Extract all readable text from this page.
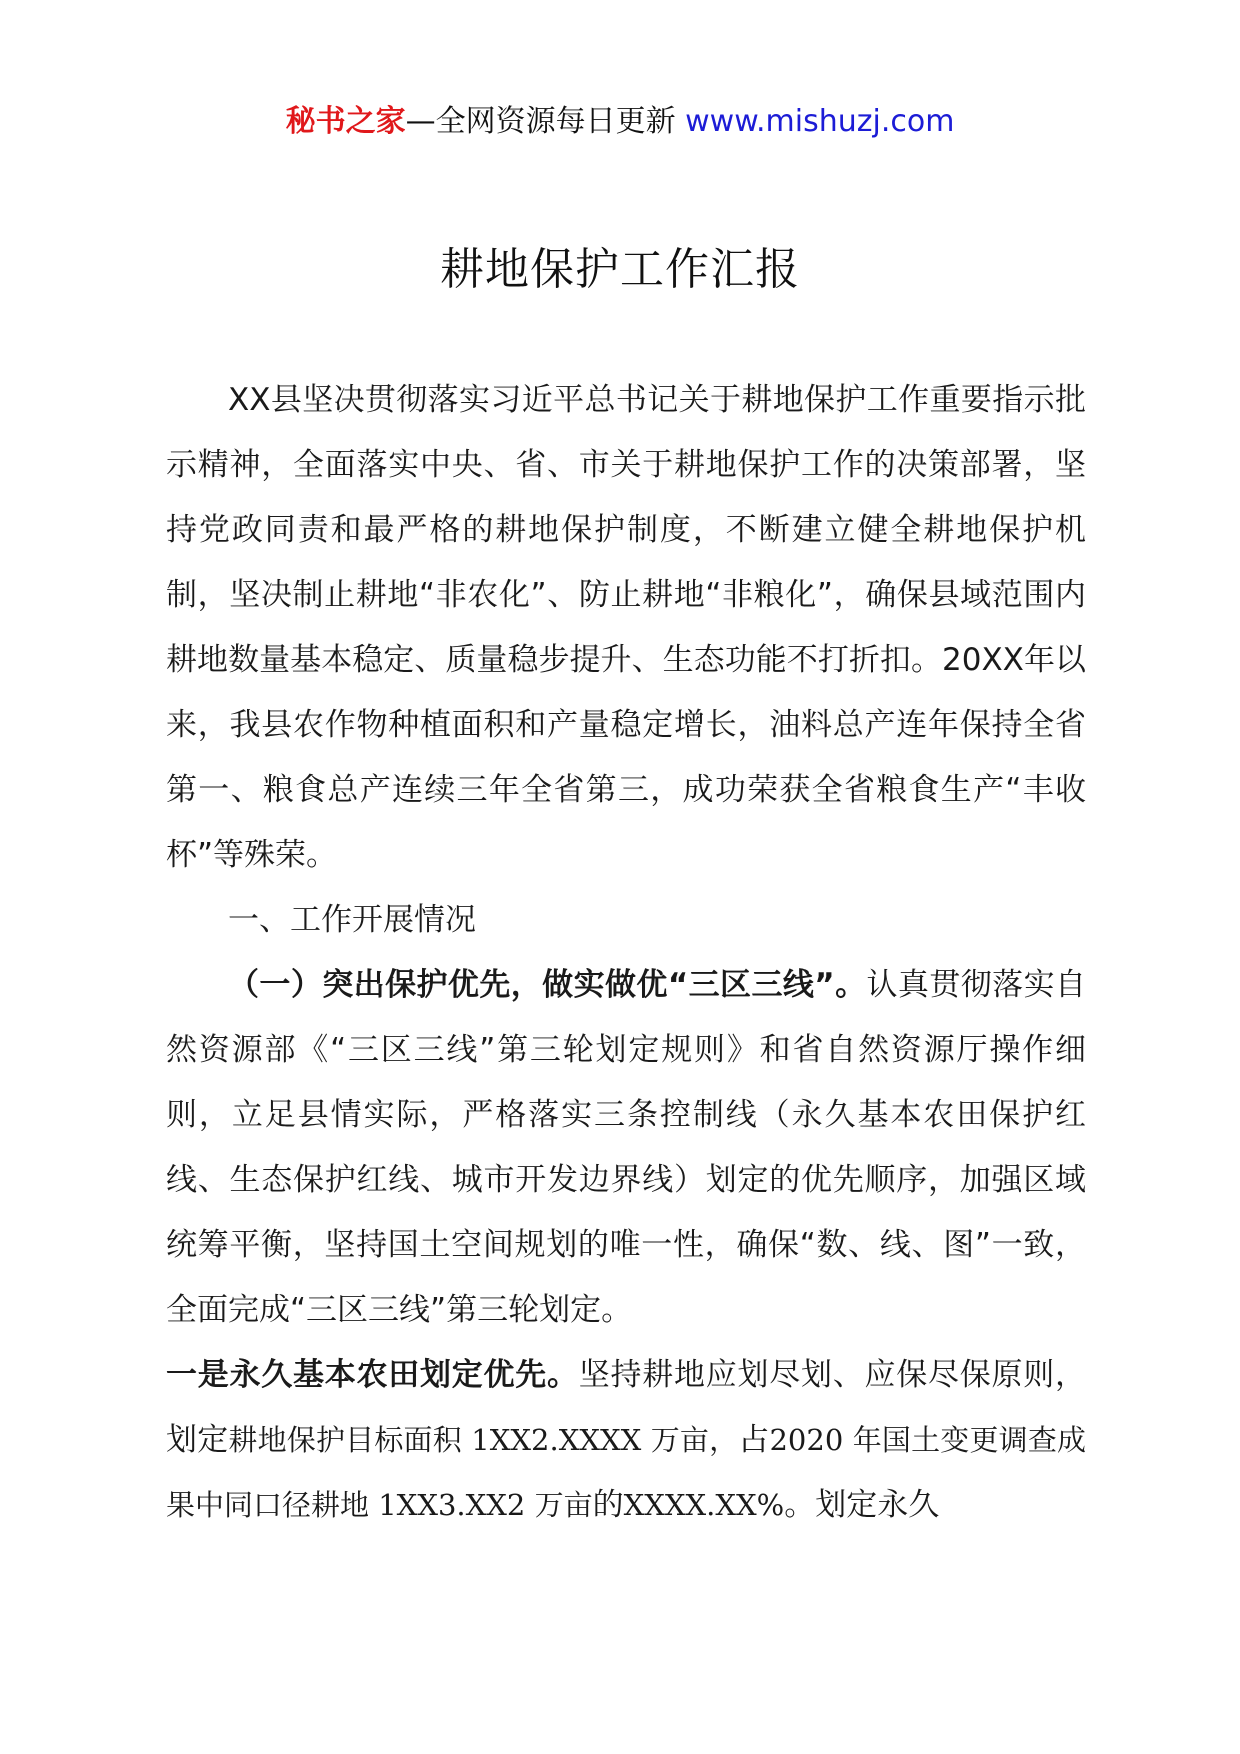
秘书之家—全网资源每日更新 www.mishuzj.com
耕地保护工作汇报

XX县坚决贯彻落实习近平总书记关于耕地保护工作重要指示批示精神，全面落实中央、省、市关于耕地保护工作的决策部署，坚持党政同责和最严格的耕地保护制度，不断建立健全耕地保护机制，坚决制止耕地“非农化”、防止耕地“非粮化”，确保县域范围内耕地数量基本稳定、质量稳步提升、生态功能不打折扣。20XX年以来，我县农作物种植面积和产量稳定增长，油料总产连年保持全省第一、粮食总产连续三年全省第三，成功荣获全省粮食生产“丰收杯”等殊荣。

一、工作开展情况

（一）突出保护优先，做实做优“三区三线”。认真贯彻落实自然资源部《“三区三线”第三轮划定规则》和省自然资源厅操作细则，立足县情实际，严格落实三条控制线（永久基本农田保护红线、生态保护红线、城市开发边界线）划定的优先顺序，加强区域统筹平衡，坚持国土空间规划的唯一性，确保“数、线、图”一致，全面完成“三区三线”第三轮划定。

一是永久基本农田划定优先。坚持耕地应划尽划、应保尽保原则，划定耕地保护目标面积 1XX2.XXXX 万亩，占2020 年国土变更调查成果中同口径耕地 1XX3.XX2 万亩的XXXX.XX%。划定永久
